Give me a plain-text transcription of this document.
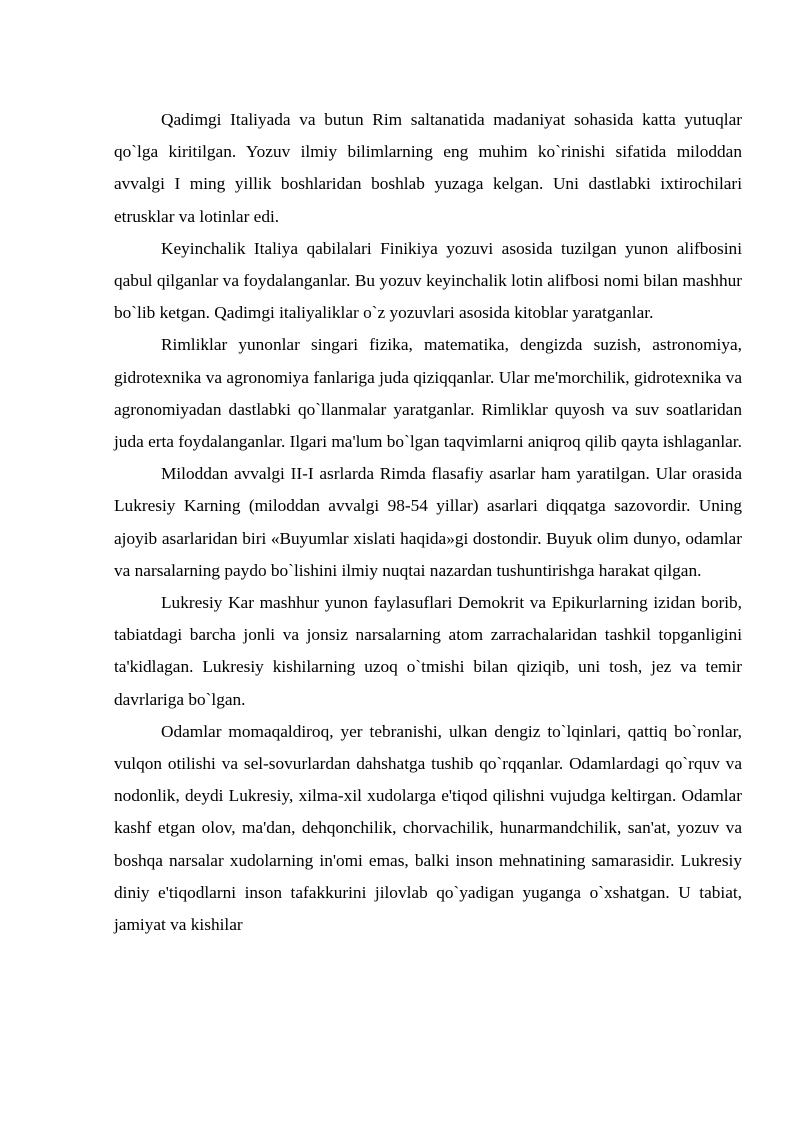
Qadimgi Italiyada va butun Rim saltanatida madaniyat sohasida katta yutuqlar qo`lga kiritilgan. Yozuv ilmiy bilimlarning eng muhim ko`rinishi sifatida miloddan avvalgi I ming yillik boshlaridan boshlab yuzaga kelgan. Uni dastlabki ixtirochilari etrusklar va lotinlar edi.

Keyinchalik Italiya qabilalari Finikiya yozuvi asosida tuzilgan yunon alifbosini qabul qilganlar va foydalanganlar. Bu yozuv keyinchalik lotin alifbosi nomi bilan mashhur bo`lib ketgan. Qadimgi italiyaliklar o`z yozuvlari asosida kitoblar yaratganlar.

Rimliklar yunonlar singari fizika, matematika, dengizda suzish, astronomiya, gidrotexnika va agronomiya fanlariga juda qiziqqanlar. Ular me'morchilik, gidrotexnika va agronomiyadan dastlabki qo`llanmalar yaratganlar. Rimliklar quyosh va suv soatlaridan juda erta foydalanganlar. Ilgari ma'lum bo`lgan taqvimlarni aniqroq qilib qayta ishlaganlar.

Miloddan avvalgi II-I asrlarda Rimda flasafiy asarlar ham yaratilgan. Ular orasida Lukresiy Karning (miloddan avvalgi 98-54 yillar) asarlari diqqatga sazovordir. Uning ajoyib asarlaridan biri «Buyumlar xislati haqida»gi dostondir. Buyuk olim dunyo, odamlar va narsalarning paydo bo`lishini ilmiy nuqtai nazardan tushuntirishga harakat qilgan.

Lukresiy Kar mashhur yunon faylasuflari Demokrit va Epikurlarning izidan borib, tabiatdagi barcha jonli va jonsiz narsalarning atom zarrachalaridan tashkil topganligini ta'kidlagan. Lukresiy kishilarning uzoq o`tmishi bilan qiziqib, uni tosh, jez va temir davrlariga bo`lgan.

Odamlar momaqaldiroq, yer tebranishi, ulkan dengiz to`lqinlari, qattiq bo`ronlar, vulqon otilishi va sel-sovurlardan dahshatga tushib qo`rqqanlar. Odamlardagi qo`rquv va nodonlik, deydi Lukresiy, xilma-xil xudolarga e'tiqod qilishni vujudga keltirgan. Odamlar kashf etgan olov, ma'dan, dehqonchilik, chorvachilik, hunarmandchilik, san'at, yozuv va boshqa narsalar xudolarning in'omi emas, balki inson mehnatining samarasidir. Lukresiy diniy e'tiqodlarni inson tafakkurini jilovlab qo`yadigan yuganga o`xshatgan. U tabiat, jamiyat va kishilar
